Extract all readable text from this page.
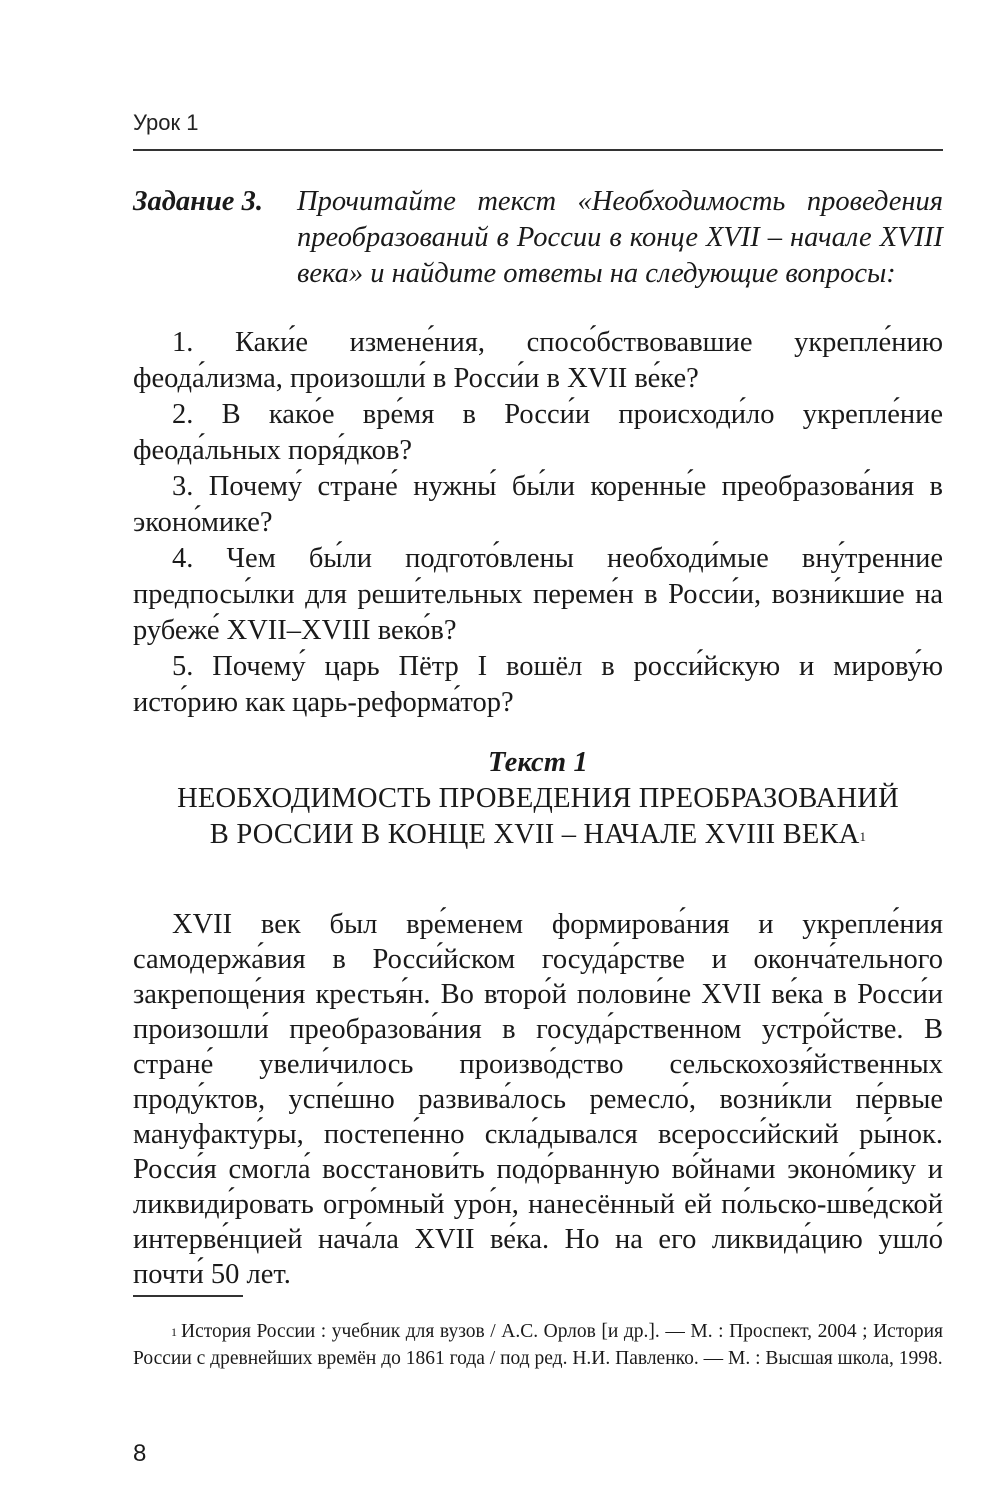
Урок 1
Задание 3.	Прочитайте текст «Необходимость проведения преобразований в России в конце XVII – начале XVIII века» и найдите ответы на следующие вопросы:

1. Каки́е измене́ния, спосо́бствовавшие укрепле́нию феода́лизма, произошли́ в Росси́и в XVII ве́ке?

2. В како́е вре́мя в Росси́и происходи́ло укрепле́ние феода́льных поря́дков?

3. Почему́ стране́ нужны́ бы́ли коренны́е преобразова́ния в эконо́мике?

4. Чем бы́ли подгото́влены необходи́мые вну́тренние предпосы́лки для реши́тельных переме́н в Росси́и, возни́кшие на рубеже́ XVII–XVIII веко́в?

5. Почему́ царь Пётр I вошёл в росси́йскую и мирову́ю исто́рию как царь-реформа́тор?

Текст 1
НЕОБХОДИМОСТЬ ПРОВЕДЕНИЯ ПРЕОБРАЗОВАНИЙ
В РОССИИ В КОНЦЕ XVII – НАЧАЛЕ XVIII ВЕКА$^1$

XVII век был вре́менем формирова́ния и укрепле́ния самодержа́вия в Росси́йском госуда́рстве и оконча́тельного закрепоще́ния крестья́н. Во второ́й полови́не XVII ве́ка в Росси́и произошли́ преобразова́ния в госуда́рственном устро́йстве. В стране́ увели́чилось произво́дство сельскохозя́йственных проду́ктов, успе́шно развива́лось ремесло́, возни́кли пе́рвые мануфакту́ры, постепе́нно скла́дывался всеросси́йский ры́нок. Росси́я смогла́ восстанови́ть подо́рванную во́йнами эконо́мику и ликвиди́ровать огро́мный уро́н, нанесённый ей по́льско-шве́дской интерве́нцией нача́ла XVII ве́ка. Но на его ликвида́цию ушло́ почти́ 50 лет.

$^1$ История России : учебник для вузов / А.С. Орлов [и др.]. — М. : Проспект, 2004 ; История России с древнейших времён до 1861 года / под ред. Н.И. Павленко. — М. : Высшая школа, 1998.
8
